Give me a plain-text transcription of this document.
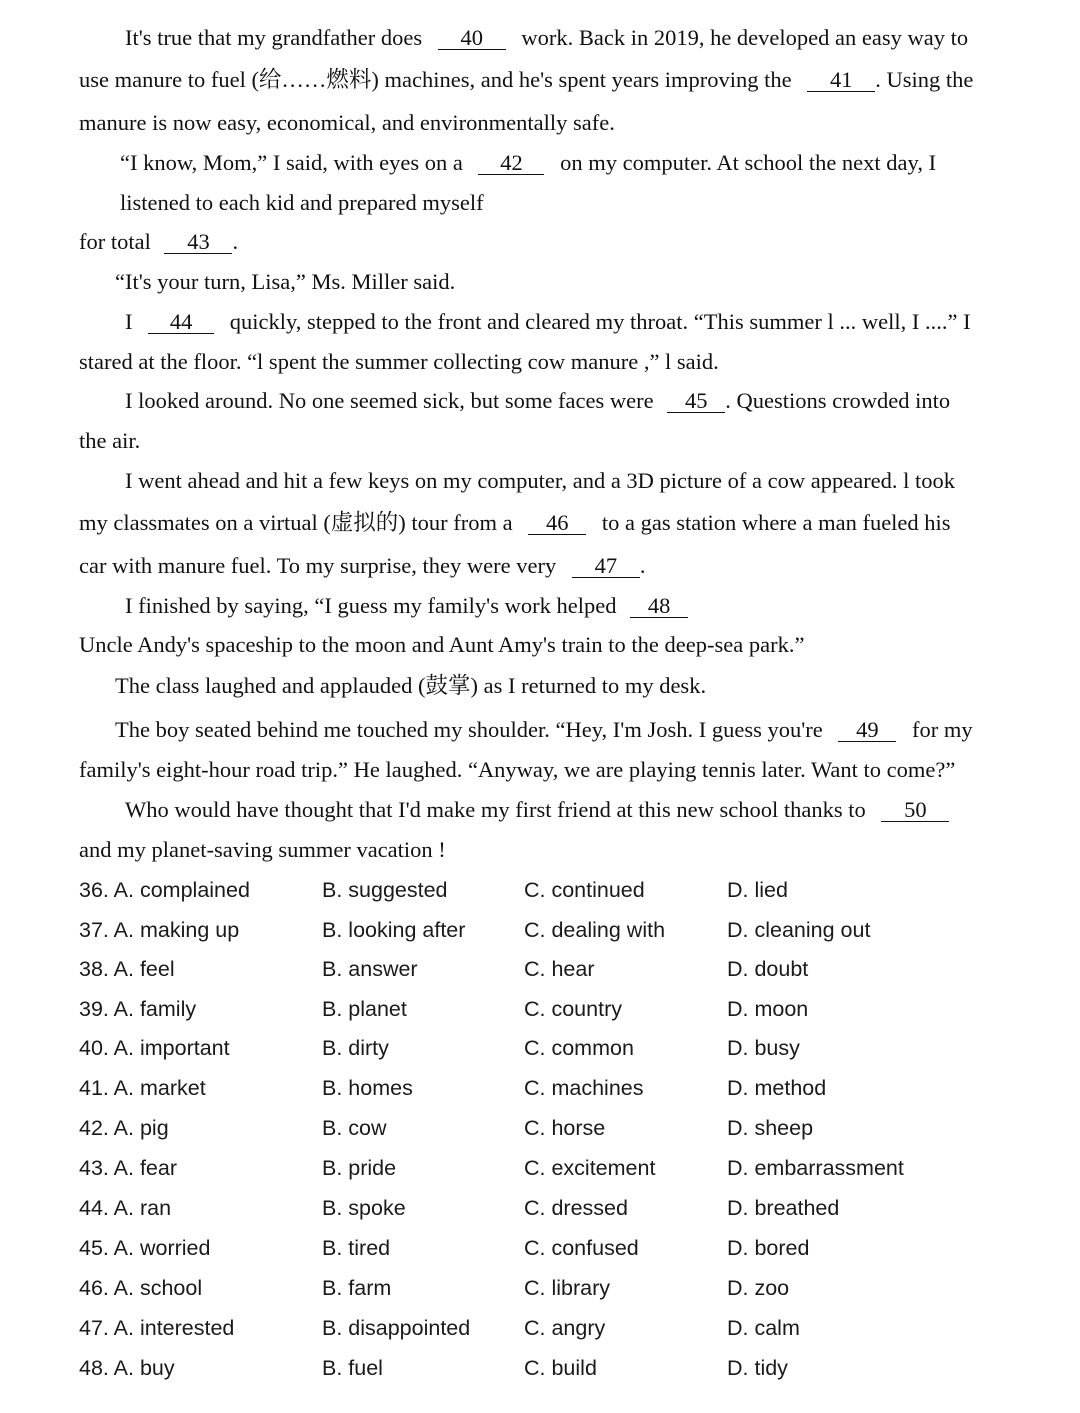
It's true that my grandfather does 40 work. Back in 2019, he developed an easy way to
use manure to fuel (给……燃料) machines, and he's spent years improving the 41 . Using the
manure is now easy, economical, and environmentally safe.
“I know, Mom,” I said, with eyes on a 42 on my computer. At school the next day, I
listened to each kid and prepared myself
for total 43 .
“It's your turn, Lisa,” Ms. Miller said.
I 44 quickly, stepped to the front and cleared my throat. “This summer l ... well, I ....” I
stared at the floor. “l spent the summer collecting cow manure ,” l said.
I looked around. No one seemed sick, but some faces were 45 . Questions crowded into
the air.
I went ahead and hit a few keys on my computer, and a 3D picture of a cow appeared. l took
my classmates on a virtual (虚拟的) tour from a 46 to a gas station where a man fueled his
car with manure fuel. To my surprise, they were very 47 .
I finished by saying, “I guess my family's work helped 48
Uncle Andy's spaceship to the moon and Aunt Amy's train to the deep-sea park.”
The class laughed and applauded (鼓掌) as I returned to my desk.
The boy seated behind me touched my shoulder. “Hey, I'm Josh. I guess you're 49 for my
family's eight-hour road trip.” He laughed. “Anyway, we are playing tennis later. Want to come?”
Who would have thought that I'd make my first friend at this new school thanks to 50
and my planet-saving summer vacation !
36. A. complained	B. suggested	C. continued	D. lied
37. A. making up	B. looking after	C. dealing with	D. cleaning out
38. A. feel	B. answer	C. hear	D. doubt
39. A. family	B. planet	C. country	D. moon
40. A. important	B. dirty	C. common	D. busy
41. A. market	B. homes	C. machines	D. method
42. A. pig	B. cow	C. horse	D. sheep
43. A. fear	B. pride	C. excitement	D. embarrassment
44. A. ran	B. spoke	C. dressed	D. breathed
45. A. worried	B. tired	C. confused	D. bored
46. A. school	B. farm	C. library	D. zoo
47. A. interested	B. disappointed	C. angry	D. calm
48. A. buy	B. fuel	C. build	D. tidy
